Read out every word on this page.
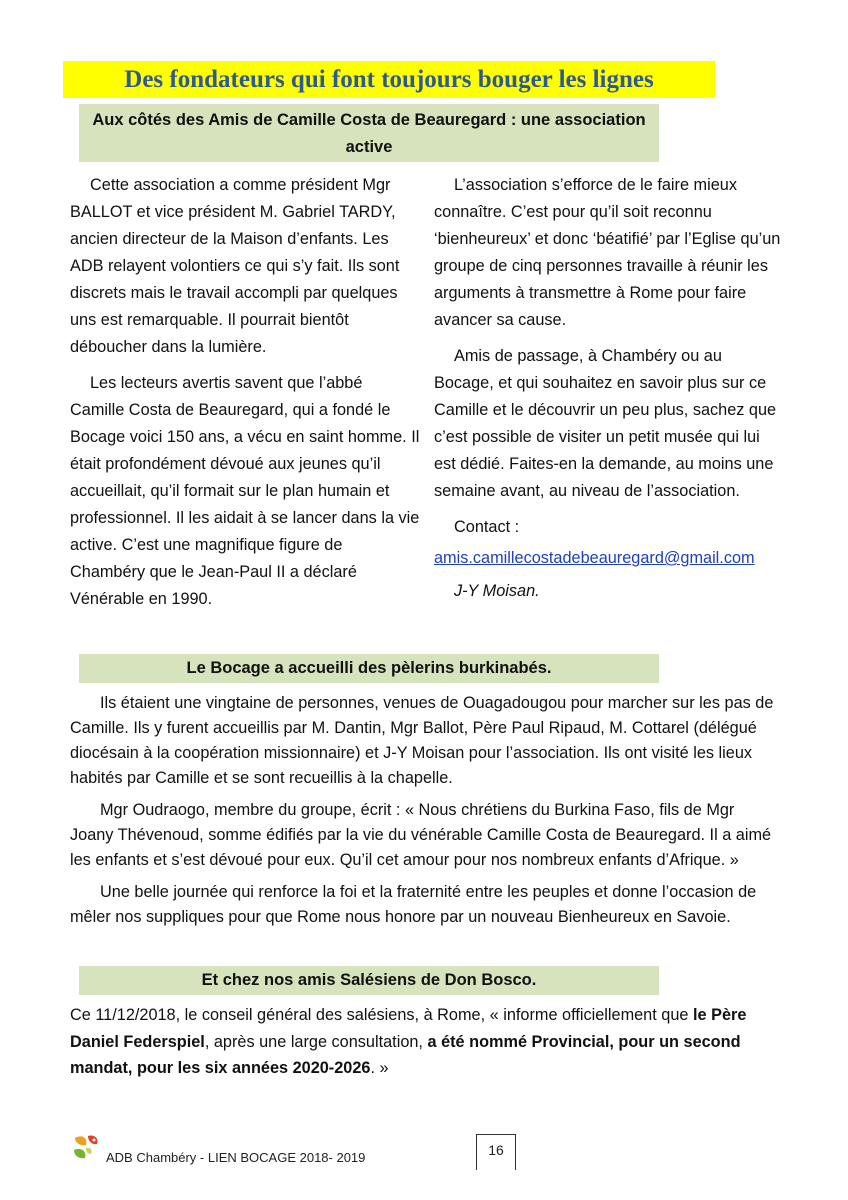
Des fondateurs qui font toujours bouger les lignes
Aux côtés des Amis de Camille Costa de Beauregard : une association active

Cette association a comme président Mgr BALLOT et vice président M. Gabriel TARDY, ancien directeur de la Maison d’enfants. Les ADB relayent volontiers ce qui s’y fait. Ils sont discrets mais le travail accompli par quelques uns est remarquable. Il pourrait bientôt déboucher dans la lumière.

Les lecteurs avertis savent que l’abbé Camille Costa de Beauregard, qui a fondé le Bocage voici 150 ans, a vécu en saint homme. Il était profondément dévoué aux jeunes qu’il accueillait, qu’il formait sur le plan humain et professionnel. Il les aidait à se lancer dans la vie active. C’est une magnifique figure de Chambéry que le Jean-Paul II a déclaré Vénérable en 1990.

L’association s’efforce de le faire mieux connaître. C’est pour qu’il soit reconnu ‘bienheureux’ et donc ‘béatifié’ par l’Eglise qu’un groupe de cinq personnes travaille à réunir les arguments à transmettre à Rome pour faire avancer sa cause.

Amis de passage, à Chambéry ou au Bocage, et qui souhaitez en savoir plus sur ce Camille et le découvrir un peu plus, sachez que c’est possible de visiter un petit musée qui lui est dédié. Faites-en la demande, au moins une semaine avant, au niveau de l’association.

Contact :

amis.camillecostadebeauregard@gmail.com

J-Y Moisan.

Le Bocage a accueilli des pèlerins burkinabés.

Ils étaient une vingtaine de personnes, venues de Ouagadougou pour marcher sur les pas de Camille. Ils y furent accueillis par M. Dantin, Mgr Ballot, Père Paul Ripaud, M. Cottarel (délégué diocésain à la coopération missionnaire) et J-Y Moisan pour l’association. Ils ont visité les lieux habités par Camille et se sont recueillis à la chapelle.

Mgr Oudraogo, membre du groupe, écrit : « Nous chrétiens du Burkina Faso, fils de Mgr Joany Thévenoud, somme édifiés par la vie du vénérable Camille Costa de Beauregard. Il a aimé les enfants et s’est dévoué pour eux. Qu’il cet amour pour nos nombreux enfants d’Afrique. »

Une belle journée qui renforce la foi et la fraternité entre les peuples et donne l’occasion de mêler nos suppliques pour que Rome nous honore par un nouveau Bienheureux en Savoie.

Et chez nos amis Salésiens de Don Bosco.

Ce 11/12/2018, le conseil général des salésiens, à Rome, « informe officiellement que le Père Daniel Federspiel, après une large consultation, a été nommé Provincial, pour un second mandat, pour les six années 2020-2026. »

ADB Chambéry - LIEN BOCAGE 2018- 2019	16
